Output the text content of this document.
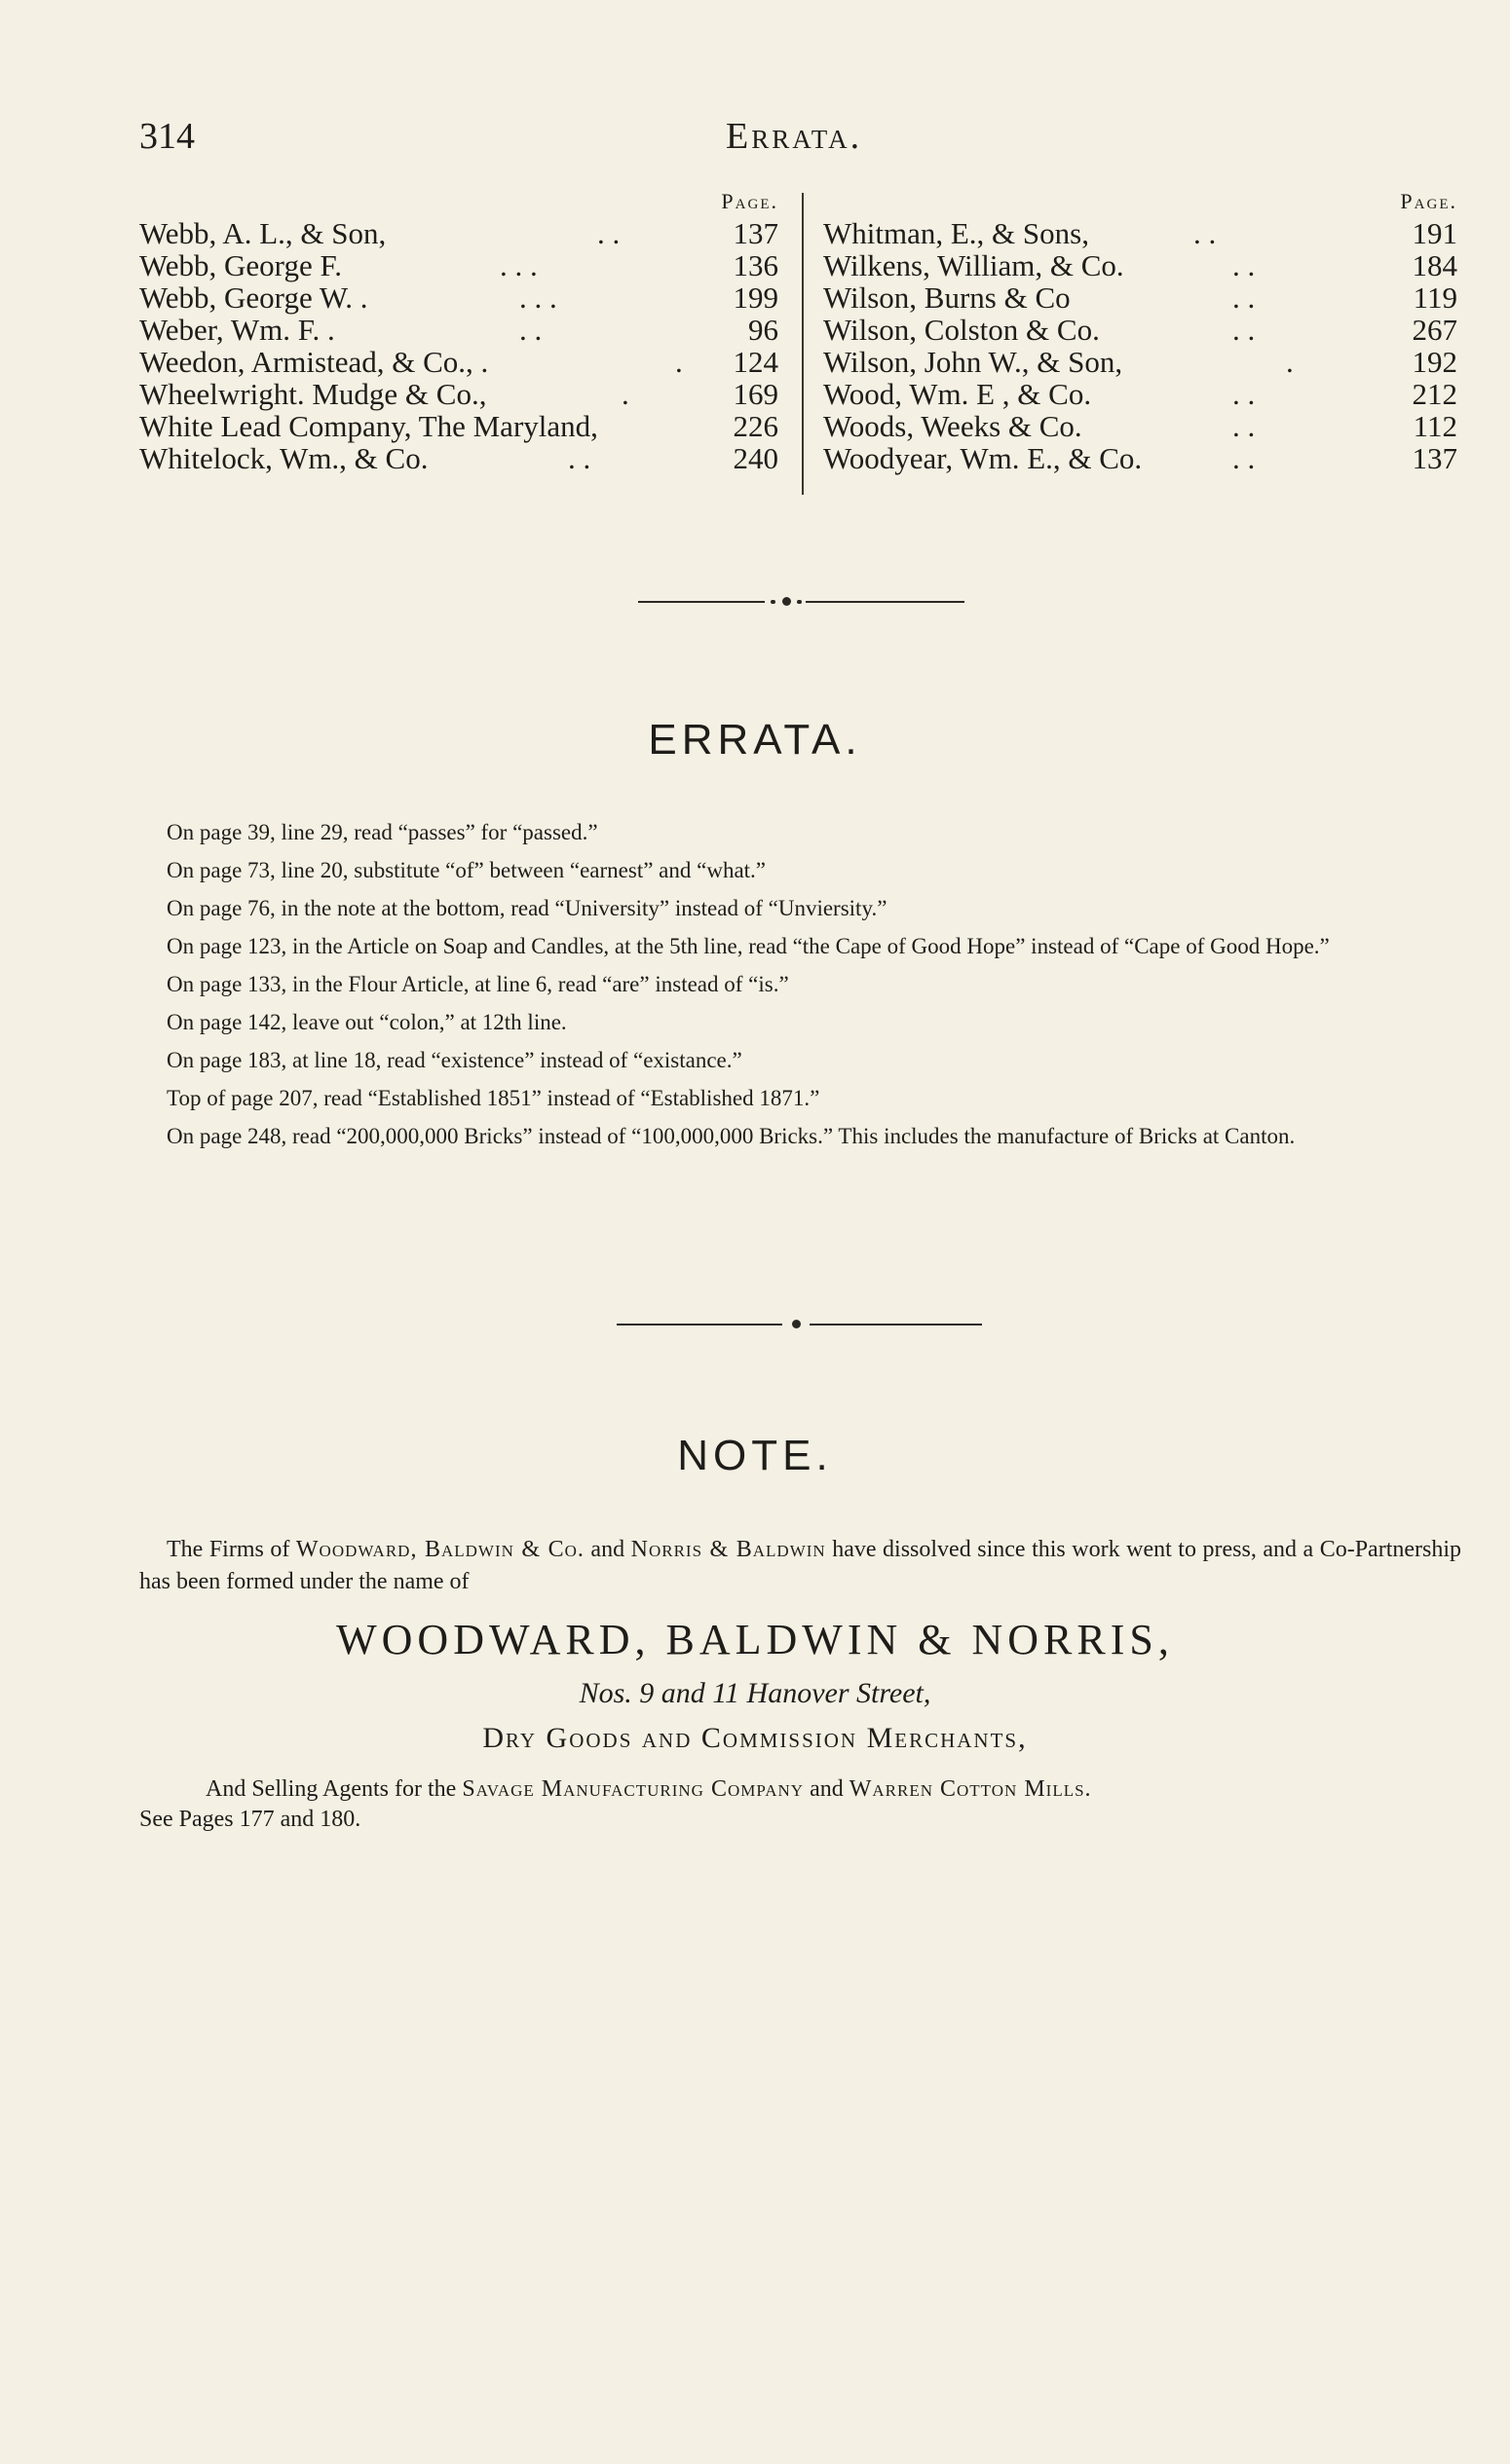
314	Errata.
Page.
Webb, A. L., & Son,	. .	137
Webb, George F.	. . .	136
Webb, George W. .	. . .	199
Weber, Wm. F. .	. .	96
Weedon, Armistead, & Co., .	. 124
Wheelwright. Mudge & Co.,	.	169
White Lead Company, The Maryland,	226
Whitelock, Wm., & Co.	. .	240
Page.
Whitman, E., & Sons,	. .	191
Wilkens, William, & Co.	. .	184
Wilson, Burns & Co	. .	119
Wilson, Colston & Co.	. .	267
Wilson, John W., & Son,	.	192
Wood, Wm. E , & Co.	. .	212
Woods, Weeks & Co.	. .	112
Woodyear, Wm. E., & Co.	. .	137
ERRATA.

On page 39, line 29, read “passes” for “passed.”

On page 73, line 20, substitute “of” between “earnest” and “what.”

On page 76, in the note at the bottom, read “University” instead of “Unviersity.”

On page 123, in the Article on Soap and Candles, at the 5th line, read “the Cape of Good Hope” instead of “Cape of Good Hope.”

On page 133, in the Flour Article, at line 6, read “are” instead of “is.”

On page 142, leave out “colon,” at 12th line.

On page 183, at line 18, read “existence” instead of “existance.”

Top of page 207, read “Established 1851” instead of “Established 1871.”

On page 248, read “200,000,000 Bricks” instead of “100,000,000 Bricks.” This includes the manufacture of Bricks at Canton.

NOTE.

The Firms of Woodward, Baldwin & Co. and Norris & Baldwin have dissolved since this work went to press, and a Co-Partnership has been formed under the name of

WOODWARD, BALDWIN & NORRIS,
Nos. 9 and 11 Hanover Street,
Dry Goods and Commission Merchants,

And Selling Agents for the Savage Manufacturing Company and Warren Cotton Mills.

See Pages 177 and 180.
